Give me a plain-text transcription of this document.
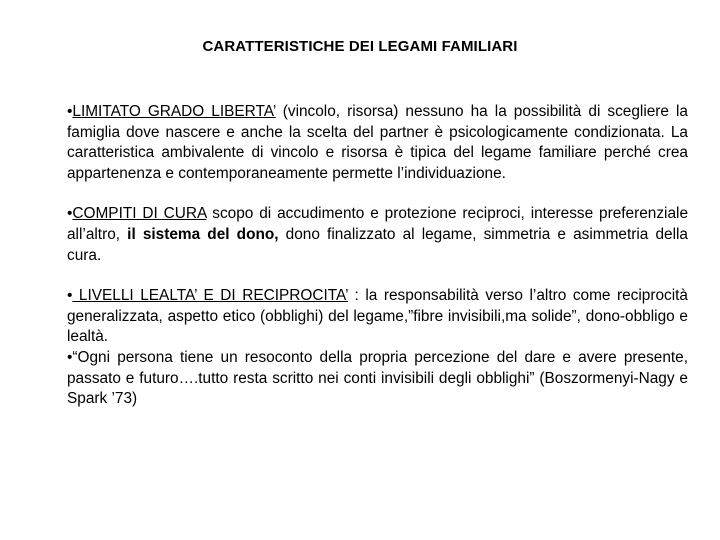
CARATTERISTICHE DEI LEGAMI FAMILIARI

•LIMITATO GRADO LIBERTA’ (vincolo, risorsa) nessuno ha la possibilità di scegliere la famiglia dove nascere e anche la scelta del partner è psicologicamente condizionata. La caratteristica ambivalente di vincolo e risorsa è tipica del legame familiare perché crea appartenenza e contemporaneamente permette l’individuazione.

•COMPITI DI CURA scopo di accudimento e protezione reciproci, interesse preferenziale all’altro, il sistema del dono, dono finalizzato al legame, simmetria e asimmetria della cura.

• LIVELLI LEALTA’ E DI RECIPROCITA’ : la responsabilità verso l’altro come reciprocità generalizzata, aspetto etico (obblighi) del legame,”fibre invisibili,ma solide”, dono-obbligo e lealtà.

•“Ogni persona tiene un resoconto della propria percezione del dare e avere presente, passato e futuro….tutto resta scritto nei conti invisibili degli obblighi” (Boszormenyi-Nagy e Spark ’73)
